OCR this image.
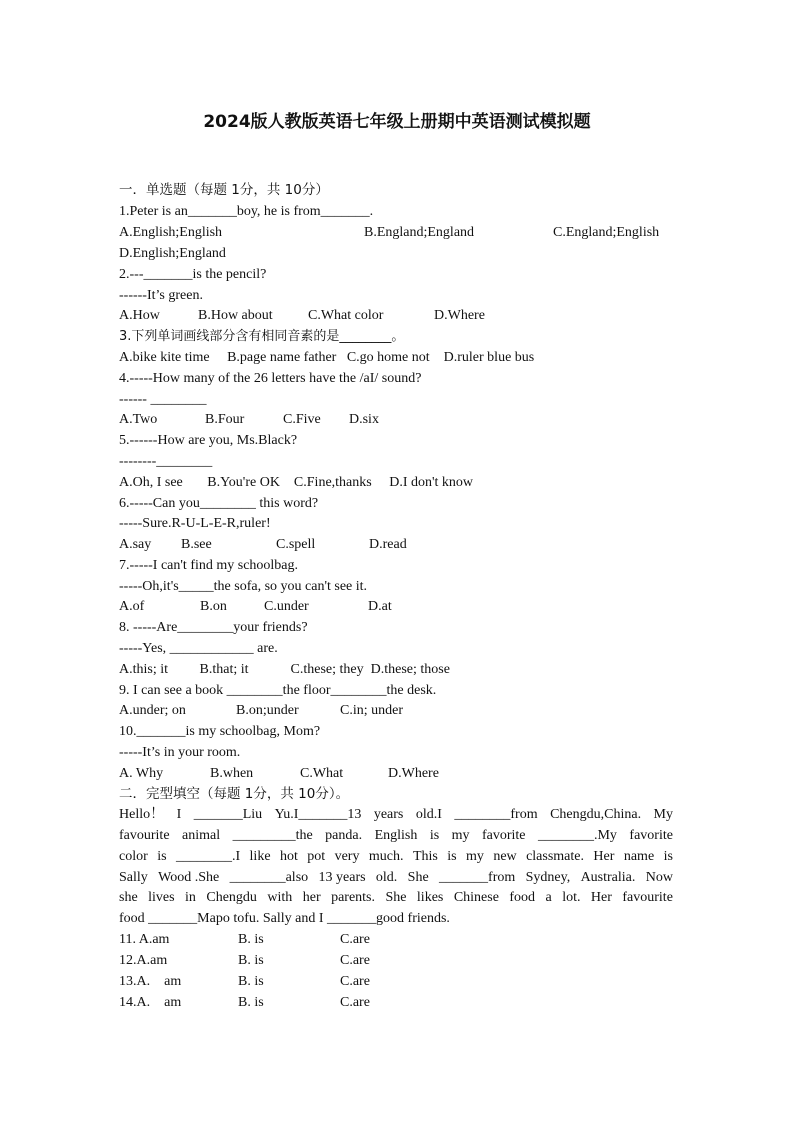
2024版人教版英语七年级上册期中英语测试模拟题
一．单选题（每题 1分，共 10分）
1.Peter is an_______boy, he is from_______.
A.English;English	B.England;England	C.England;English
D.English;England
2.---_______is the pencil?
------It’s green.
A.How	B.How about	C.What color	D.Where
3.下列单词画线部分含有相同音素的是________。
A.bike kite time     B.page name father   C.go home not    D.ruler blue bus
4.-----How many of the 26 letters have the /aI/ sound?
------ ________
A.Two	B.Four	C.Five D.six
5.------How are you, Ms.Black?
--------________
A.Oh, I see       B.You're OK    C.Fine,thanks     D.I don't know
6.-----Can you________ this word?
-----Sure.R-U-L-E-R,ruler!
A.say B.see	C.spell	D.read
7.-----I can't find my schoolbag.
-----Oh,it's_____the sofa, so you can't see it.
A.of	B.on	C.under	D.at
8. -----Are________your friends?
-----Yes, ____________ are.
A.this; it         B.that; it            C.these; they  D.these; those
9. I can see a book ________the floor________the desk.
A.under; on	B.on;under	C.in; under
10._______is my schoolbag, Mom?
-----It’s in your room.
A. Why	B.when	C.What	D.Where
二．完型填空（每题 1分，共 10分）。
Hello！ I _______Liu Yu.I_______13 years old.I ________from Chengdu,China. My
favourite animal _________the panda. English is my favorite ________.My favorite
color is ________.I like hot pot very much. This is my new classmate. Her name is
Sally Wood .She ________also 13 years old. She _______from Sydney, Australia. Now
she lives in Chengdu with her parents. She likes Chinese food a lot. Her favourite
food _______Mapo tofu. Sally and I _______good friends.
11. A.am	B. is	C.are
12.A.am	B. is	C.are
13.A.    am	B. is	C.are
14.A.    am	B. is	C.are
